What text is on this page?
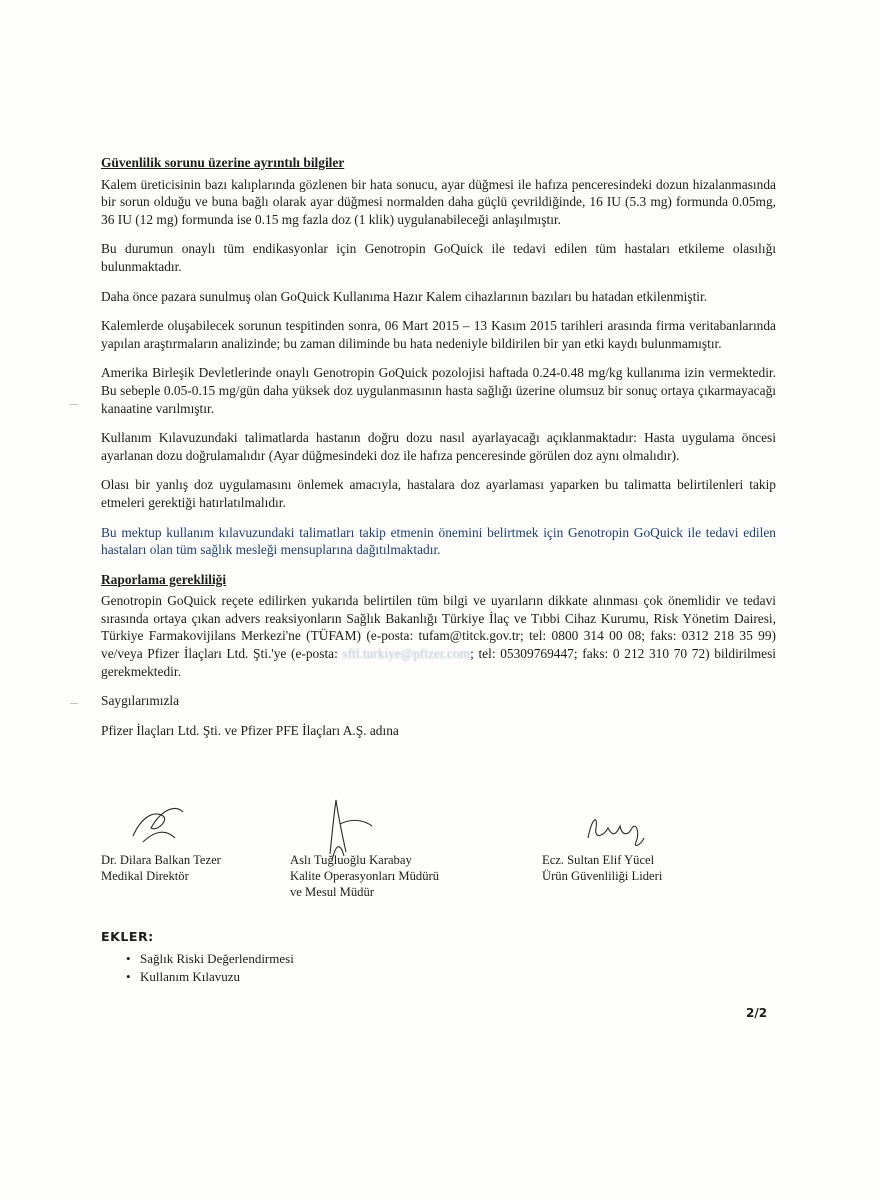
Güvenlilik sorunu üzerine ayrıntılı bilgiler

Kalem üreticisinin bazı kalıplarında gözlenen bir hata sonucu, ayar düğmesi ile hafıza penceresindeki dozun hizalanmasında bir sorun olduğu ve buna bağlı olarak ayar düğmesi normalden daha güçlü çevrildiğinde, 16 IU (5.3 mg) formunda 0.05mg, 36 IU (12 mg) formunda ise 0.15 mg fazla doz (1 klik) uygulanabileceği anlaşılmıştır.

Bu durumun onaylı tüm endikasyonlar için Genotropin GoQuick ile tedavi edilen tüm hastaları etkileme olasılığı bulunmaktadır.

Daha önce pazara sunulmuş olan GoQuick Kullanıma Hazır Kalem cihazlarının bazıları bu hatadan etkilenmiştir.

Kalemlerde oluşabilecek sorunun tespitinden sonra, 06 Mart 2015 – 13 Kasım 2015 tarihleri arasında firma veritabanlarında yapılan araştırmaların analizinde; bu zaman diliminde bu hata nedeniyle bildirilen bir yan etki kaydı bulunmamıştır.

Amerika Birleşik Devletlerinde onaylı Genotropin GoQuick pozolojisi haftada 0.24-0.48 mg/kg kullanıma izin vermektedir. Bu sebeple 0.05-0.15 mg/gün daha yüksek doz uygulanmasının hasta sağlığı üzerine olumsuz bir sonuç ortaya çıkarmayacağı kanaatine varılmıştır.

Kullanım Kılavuzundaki talimatlarda hastanın doğru dozu nasıl ayarlayacağı açıklanmaktadır: Hasta uygulama öncesi ayarlanan dozu doğrulamalıdır (Ayar düğmesindeki doz ile hafıza penceresinde görülen doz aynı olmalıdır).

Olası bir yanlış doz uygulamasını önlemek amacıyla, hastalara doz ayarlaması yaparken bu talimatta belirtilenleri takip etmeleri gerektiği hatırlatılmalıdır.

Bu mektup kullanım kılavuzundaki talimatları takip etmenin önemini belirtmek için Genotropin GoQuick ile tedavi edilen hastaları olan tüm sağlık mesleği mensuplarına dağıtılmaktadır.

Raporlama gerekliliği

Genotropin GoQuick reçete edilirken yukarıda belirtilen tüm bilgi ve uyarıların dikkate alınması çok önemlidir ve tedavi sırasında ortaya çıkan advers reaksiyonların Sağlık Bakanlığı Türkiye İlaç ve Tıbbi Cihaz Kurumu, Risk Yönetim Dairesi, Türkiye Farmakovijilans Merkezi'ne (TÜFAM) (e-posta: tufam@titck.gov.tr; tel: 0800 314 00 08; faks: 0312 218 35 99) ve/veya Pfizer İlaçları Ltd. Şti.'ye (e-posta: sftl.turkiye@pfizer.com; tel: 05309769447; faks: 0 212 310 70 72) bildirilmesi gerekmektedir.

Saygılarımızla
Pfizer İlaçları Ltd. Şti. ve Pfizer PFE İlaçları A.Ş. adına
Dr. Dilara Balkan Tezer
Medikal Direktör
Aslı Tuğluoğlu Karabay
Kalite Operasyonları Müdürü
ve Mesul Müdür
Ecz. Sultan Elif Yücel
Ürün Güvenliliği Lideri
EKLER:
• Sağlık Riski Değerlendirmesi
• Kullanım Kılavuzu
2/2
